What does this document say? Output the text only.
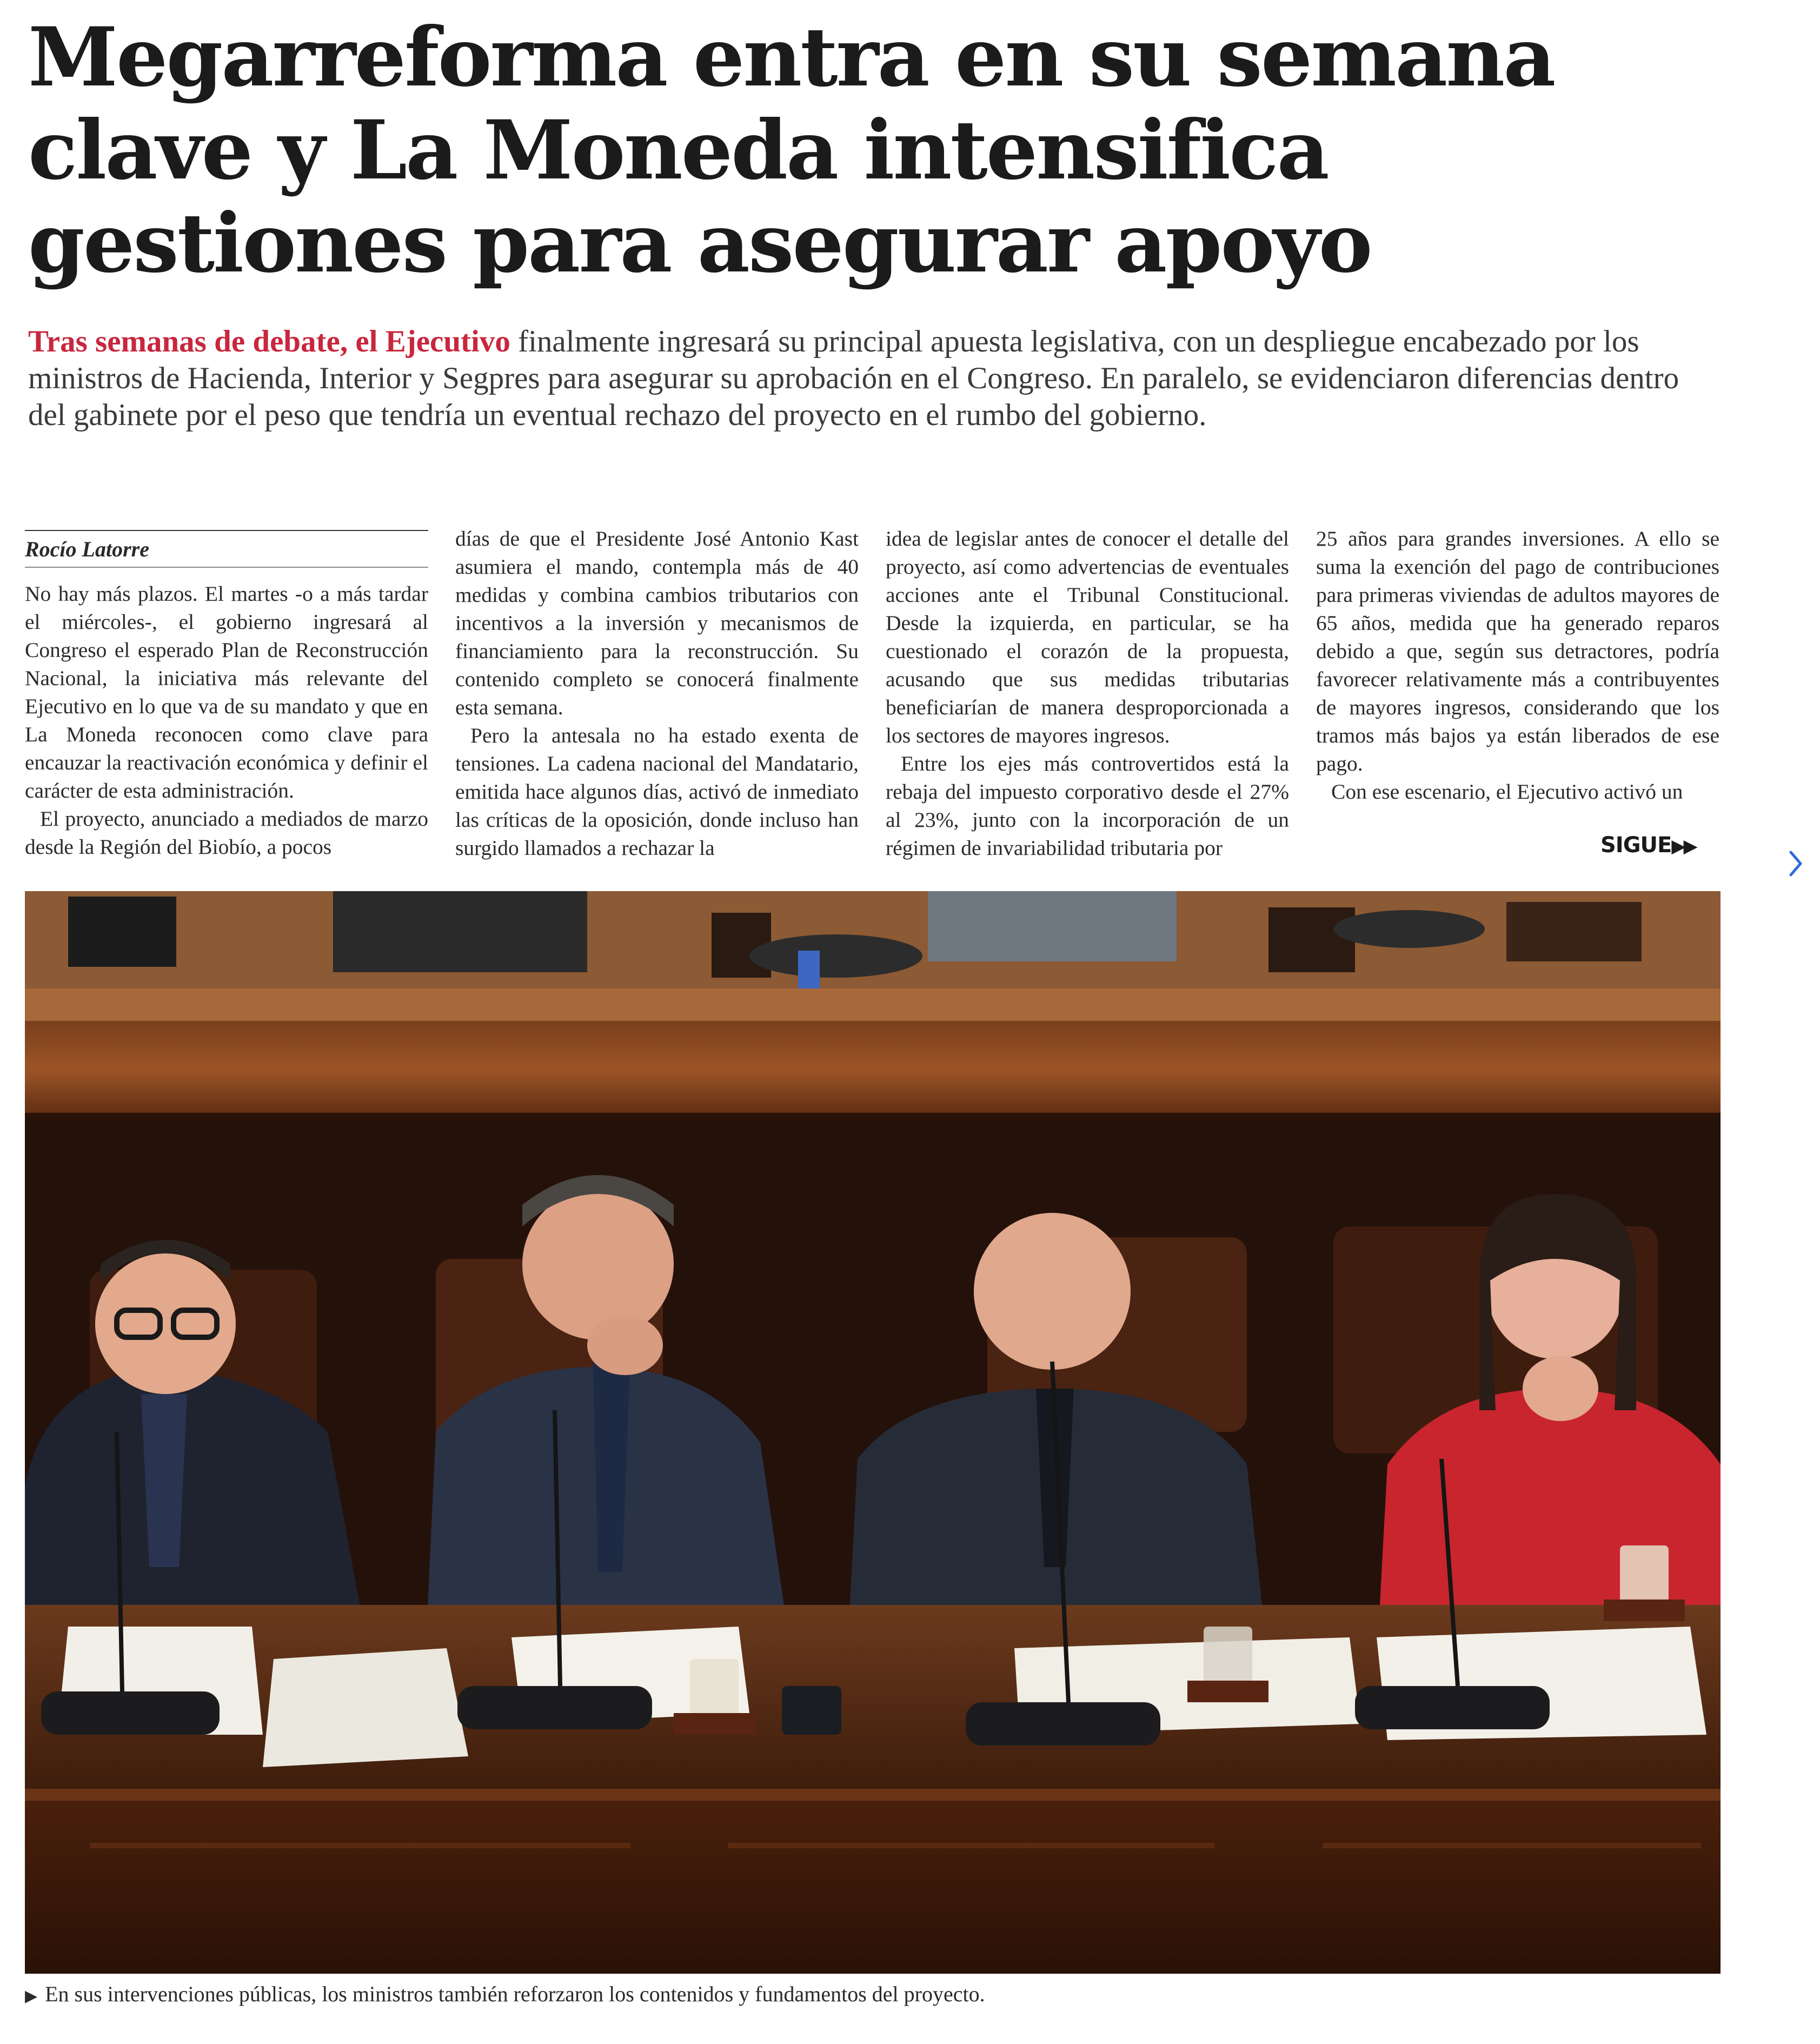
Megarreforma entra en su semana
clave y La Moneda intensifica
gestiones para asegurar apoyo

Tras semanas de debate, el Ejecutivo finalmente ingresará su principal apuesta legislativa, con un despliegue encabezado por los ministros de Hacienda, Interior y Segpres para asegurar su aprobación en el Congreso. En paralelo, se evidenciaron diferencias dentro del gabinete por el peso que tendría un eventual rechazo del proyecto en el rumbo del gobierno.

Rocío Latorre

No hay más plazos. El martes -o a más tardar el miércoles-, el gobierno ingresará al Congreso el esperado Plan de Reconstrucción Nacional, la iniciativa más relevante del Ejecutivo en lo que va de su mandato y que en La Moneda reconocen como clave para encauzar la reactivación económica y definir el carácter de esta administración.

El proyecto, anunciado a mediados de marzo desde la Región del Biobío, a pocos

días de que el Presidente José Antonio Kast asumiera el mando, contempla más de 40 medidas y combina cambios tributarios con incentivos a la inversión y mecanismos de financiamiento para la reconstrucción. Su contenido completo se conocerá finalmente esta semana.

Pero la antesala no ha estado exenta de tensiones. La cadena nacional del Mandatario, emitida hace algunos días, activó de inmediato las críticas de la oposición, donde incluso han surgido llamados a rechazar la

idea de legislar antes de conocer el detalle del proyecto, así como advertencias de eventuales acciones ante el Tribunal Constitucional. Desde la izquierda, en particular, se ha cuestionado el corazón de la propuesta, acusando que sus medidas tributarias beneficiarían de manera desproporcionada a los sectores de mayores ingresos.

Entre los ejes más controvertidos está la rebaja del impuesto corporativo desde el 27% al 23%, junto con la incorporación de un régimen de invariabilidad tributaria por

25 años para grandes inversiones. A ello se suma la exención del pago de contribuciones para primeras viviendas de adultos mayores de 65 años, medida que ha generado reparos debido a que, según sus detractores, podría favorecer relativamente más a contribuyentes de mayores ingresos, considerando que los tramos más bajos ya están liberados de ese pago.

Con ese escenario, el Ejecutivo activó un

SIGUE▶▶

▶ En sus intervenciones públicas, los ministros también reforzaron los contenidos y fundamentos del proyecto.
